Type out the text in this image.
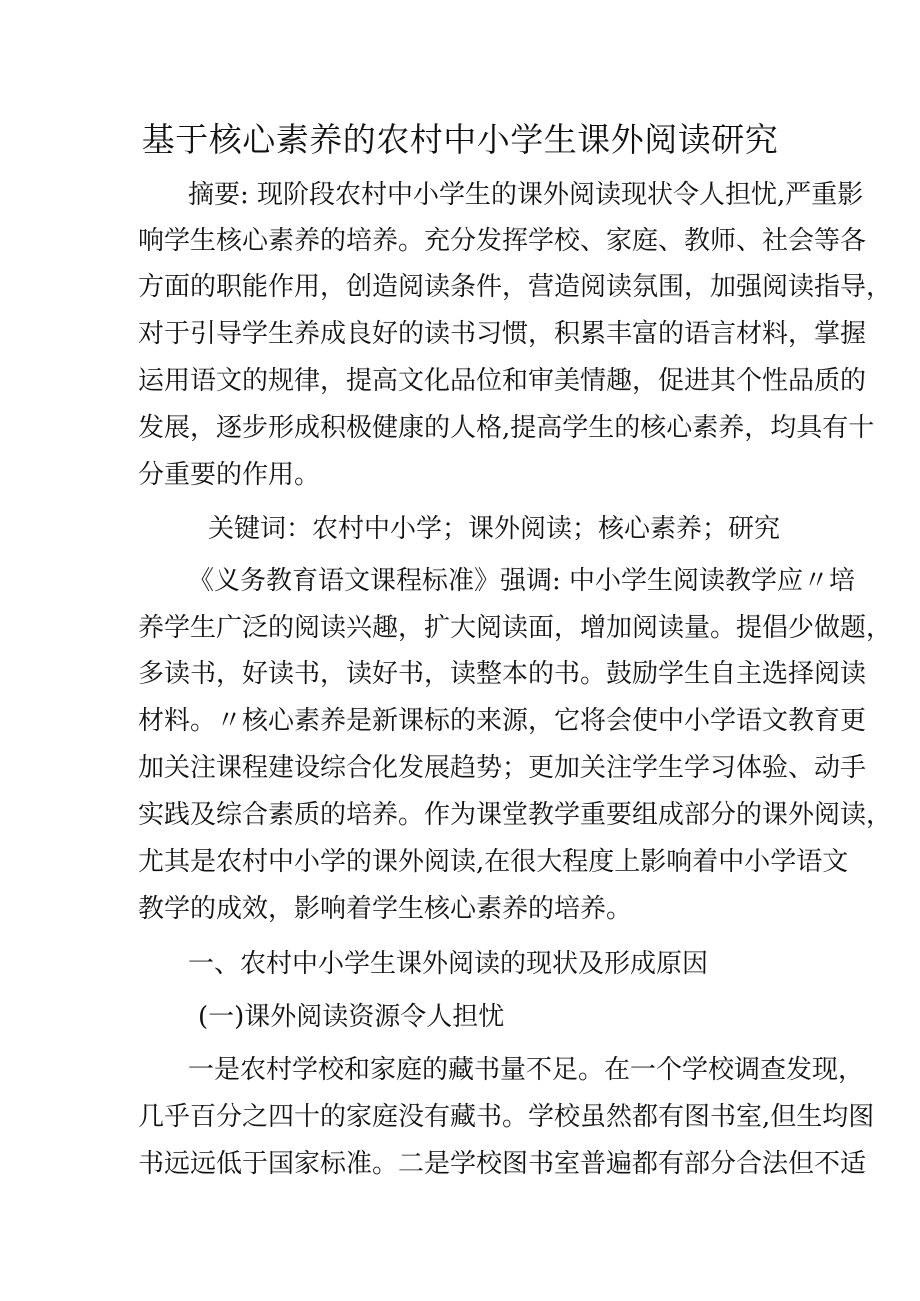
基于核心素养的农村中小学生课外阅读研究
摘要: 现阶段农村中小学生的课外阅读现状令人担忧,严重影
响学生核心素养的培养。充分发挥学校、家庭、教师、社会等各
方面的职能作用，创造阅读条件，营造阅读氛围，加强阅读指导，
对于引导学生养成良好的读书习惯，积累丰富的语言材料，掌握
运用语文的规律，提高文化品位和审美情趣，促进其个性品质的
发展，逐步形成积极健康的人格,提高学生的核心素养，均具有十
分重要的作用。
关键词：农村中小学；课外阅读；核心素养；研究
《义务教育语文课程标准》强调: 中小学生阅读教学应〃培
养学生广泛的阅读兴趣，扩大阅读面，增加阅读量。提倡少做题，
多读书，好读书，读好书，读整本的书。鼓励学生自主选择阅读
材料。〃核心素养是新课标的来源，它将会使中小学语文教育更
加关注课程建设综合化发展趋势；更加关注学生学习体验、动手
实践及综合素质的培养。作为课堂教学重要组成部分的课外阅读，
尤其是农村中小学的课外阅读,在很大程度上影响着中小学语文
教学的成效，影响着学生核心素养的培养。
一、农村中小学生课外阅读的现状及形成原因
(一)课外阅读资源令人担忧
一是农村学校和家庭的藏书量不足。在一个学校调查发现，
几乎百分之四十的家庭没有藏书。学校虽然都有图书室,但生均图
书远远低于国家标准。二是学校图书室普遍都有部分合法但不适
